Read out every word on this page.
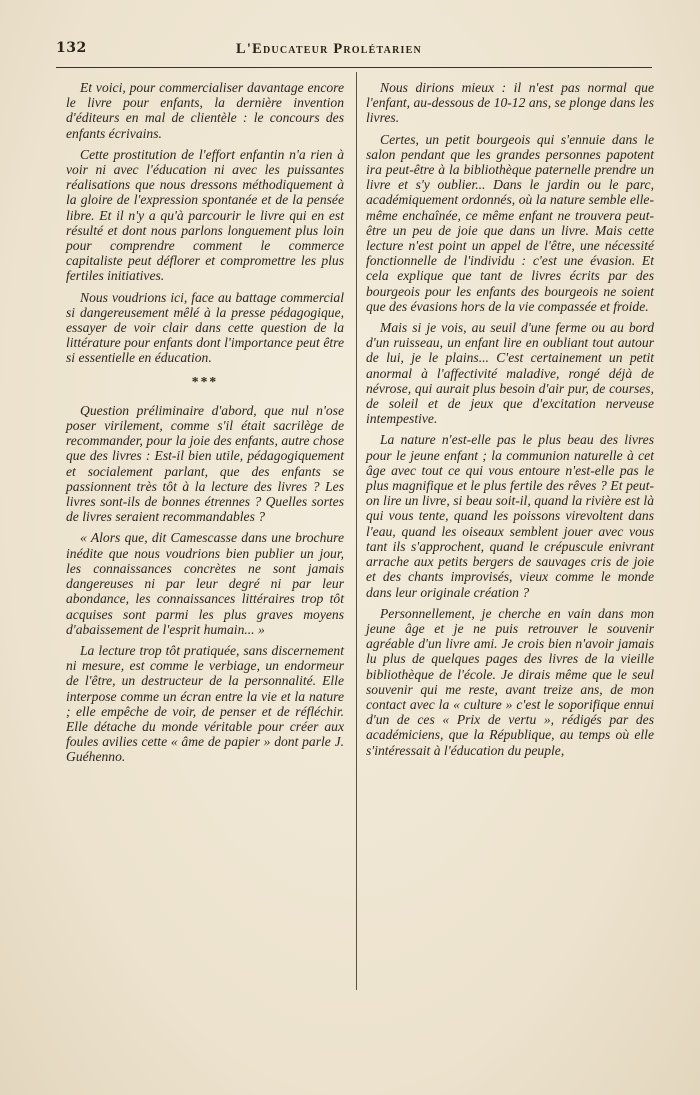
132	L'Educateur Prolétarien

Et voici, pour commercialiser davantage encore le livre pour enfants, la dernière invention d'éditeurs en mal de clientèle : le concours des enfants écrivains.

Cette prostitution de l'effort enfantin n'a rien à voir ni avec l'éducation ni avec les puissantes réalisations que nous dressons méthodiquement à la gloire de l'expression spontanée et de la pensée libre. Et il n'y a qu'à parcourir le livre qui en est résulté et dont nous parlons longuement plus loin pour comprendre comment le commerce capitaliste peut déflorer et compromettre les plus fertiles initiatives.

Nous voudrions ici, face au battage commercial si dangereusement mêlé à la presse pédagogique, essayer de voir clair dans cette question de la littérature pour enfants dont l'importance peut être si essentielle en éducation.

***

Question préliminaire d'abord, que nul n'ose poser virilement, comme s'il était sacrilège de recommander, pour la joie des enfants, autre chose que des livres : Est-il bien utile, pédagogiquement et socialement parlant, que des enfants se passionnent très tôt à la lecture des livres ? Les livres sont-ils de bonnes étrennes ? Quelles sortes de livres seraient recommandables ?

« Alors que, dit Camescasse dans une brochure inédite que nous voudrions bien publier un jour, les connaissances concrètes ne sont jamais dangereuses ni par leur degré ni par leur abondance, les connaissances littéraires trop tôt acquises sont parmi les plus graves moyens d'abaissement de l'esprit humain... »

La lecture trop tôt pratiquée, sans discernement ni mesure, est comme le verbiage, un endormeur de l'être, un destructeur de la personnalité. Elle interpose comme un écran entre la vie et la nature ; elle empêche de voir, de penser et de réfléchir. Elle détache du monde véritable pour créer aux foules avilies cette « âme de papier » dont parle J. Guéhenno.

Nous dirions mieux : il n'est pas normal que l'enfant, au-dessous de 10-12 ans, se plonge dans les livres.

Certes, un petit bourgeois qui s'ennuie dans le salon pendant que les grandes personnes papotent ira peut-être à la bibliothèque paternelle prendre un livre et s'y oublier... Dans le jardin ou le parc, académiquement ordonnés, où la nature semble elle-même enchaînée, ce même enfant ne trouvera peut-être un peu de joie que dans un livre. Mais cette lecture n'est point un appel de l'être, une nécessité fonctionnelle de l'individu : c'est une évasion. Et cela explique que tant de livres écrits par des bourgeois pour les enfants des bourgeois ne soient que des évasions hors de la vie compassée et froide.

Mais si je vois, au seuil d'une ferme ou au bord d'un ruisseau, un enfant lire en oubliant tout autour de lui, je le plains... C'est certainement un petit anormal à l'affectivité maladive, rongé déjà de névrose, qui aurait plus besoin d'air pur, de courses, de soleil et de jeux que d'excitation nerveuse intempestive.

La nature n'est-elle pas le plus beau des livres pour le jeune enfant ; la communion naturelle à cet âge avec tout ce qui vous entoure n'est-elle pas le plus magnifique et le plus fertile des rêves ? Et peut-on lire un livre, si beau soit-il, quand la rivière est là qui vous tente, quand les poissons virevoltent dans l'eau, quand les oiseaux semblent jouer avec vous tant ils s'approchent, quand le crépuscule enivrant arrache aux petits bergers de sauvages cris de joie et des chants improvisés, vieux comme le monde dans leur originale création ?

Personnellement, je cherche en vain dans mon jeune âge et je ne puis retrouver le souvenir agréable d'un livre ami. Je crois bien n'avoir jamais lu plus de quelques pages des livres de la vieille bibliothèque de l'école. Je dirais même que le seul souvenir qui me reste, avant treize ans, de mon contact avec la « culture » c'est le soporifique ennui d'un de ces « Prix de vertu », rédigés par des académiciens, que la République, au temps où elle s'intéressait à l'éducation du peuple,
